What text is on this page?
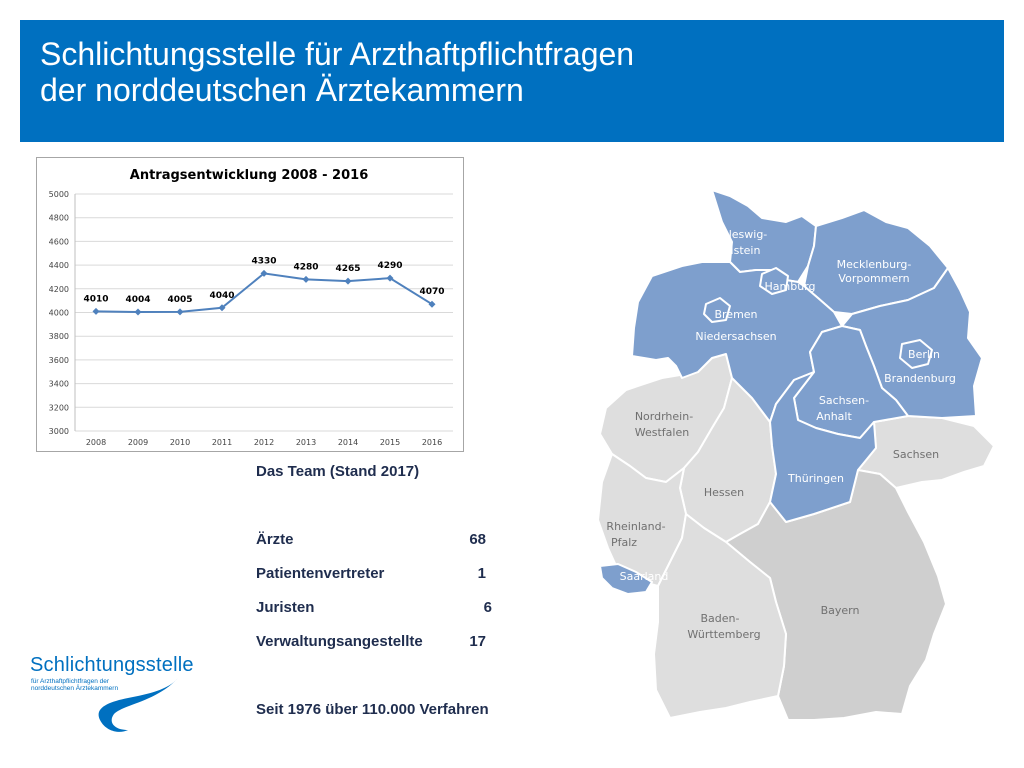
Schlichtungsstelle für Arzthaftpflichtfragen
der norddeutschen Ärztekammern
Antragsentwicklung 2008 - 2016
3000
3200
3400
3600
3800
4000
4200
4400
4600
4800
5000
2008	2009	2010	2011	2012	2013	2014	2015	2016
4010 4004 4005 4040
4330
4280 4265 4290
4070
Das Team (Stand 2017)
Ärzte	68
Patientenvertreter	1
Juristen	6
Verwaltungsangestellte	17
Seit 1976 über 110.000 Verfahren
Schlichtungsstelle
für Arzthaftpflichtfragen der
norddeutschen Ärztekammern
Schleswig-
Holstein
Hamburg
Mecklenburg-
Vorpommern
Bremen
Niedersachsen
Berlin
Brandenburg
Sachsen-
Anhalt
Nordrhein-
Westfalen
Sachsen
Thüringen
Hessen
Rheinland-
Pfalz
Saarland
Bayern
Baden-
Württemberg
